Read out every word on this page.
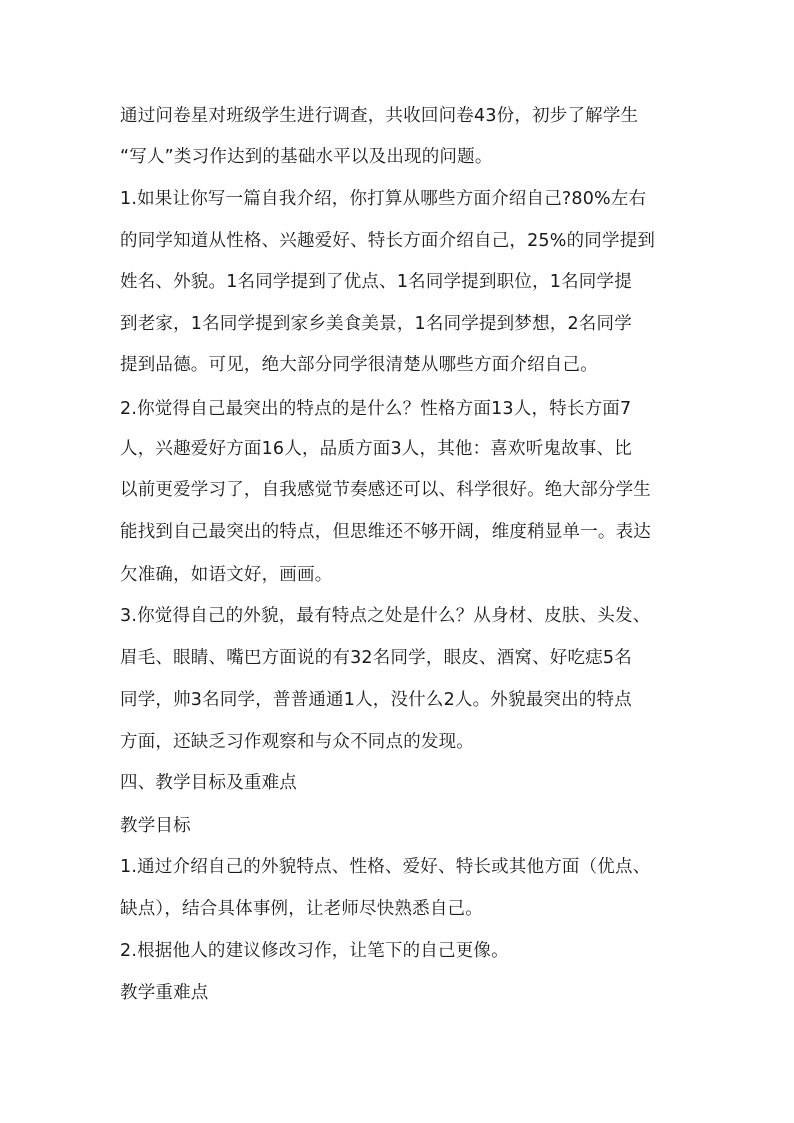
通过问卷星对班级学生进行调查，共收回问卷43份，初步了解学生
“写人”类习作达到的基础水平以及出现的问题。
1.如果让你写一篇自我介绍，你打算从哪些方面介绍自己?80%左右
的同学知道从性格、兴趣爱好、特长方面介绍自己，25%的同学提到
姓名、外貌。1名同学提到了优点、1名同学提到职位，1名同学提
到老家，1名同学提到家乡美食美景，1名同学提到梦想，2名同学
提到品德。可见，绝大部分同学很清楚从哪些方面介绍自己。
2.你觉得自己最突出的特点的是什么？性格方面13人，特长方面7
人，兴趣爱好方面16人，品质方面3人，其他：喜欢听鬼故事、比
以前更爱学习了，自我感觉节奏感还可以、科学很好。绝大部分学生
能找到自己最突出的特点，但思维还不够开阔，维度稍显单一。表达
欠准确，如语文好，画画。
3.你觉得自己的外貌，最有特点之处是什么？从身材、皮肤、头发、
眉毛、眼睛、嘴巴方面说的有32名同学，眼皮、酒窝、好吃痣5名
同学，帅3名同学，普普通通1人，没什么2人。外貌最突出的特点
方面，还缺乏习作观察和与众不同点的发现。
四、教学目标及重难点
教学目标
1.通过介绍自己的外貌特点、性格、爱好、特长或其他方面（优点、
缺点），结合具体事例，让老师尽快熟悉自己。
2.根据他人的建议修改习作，让笔下的自己更像。
教学重难点
